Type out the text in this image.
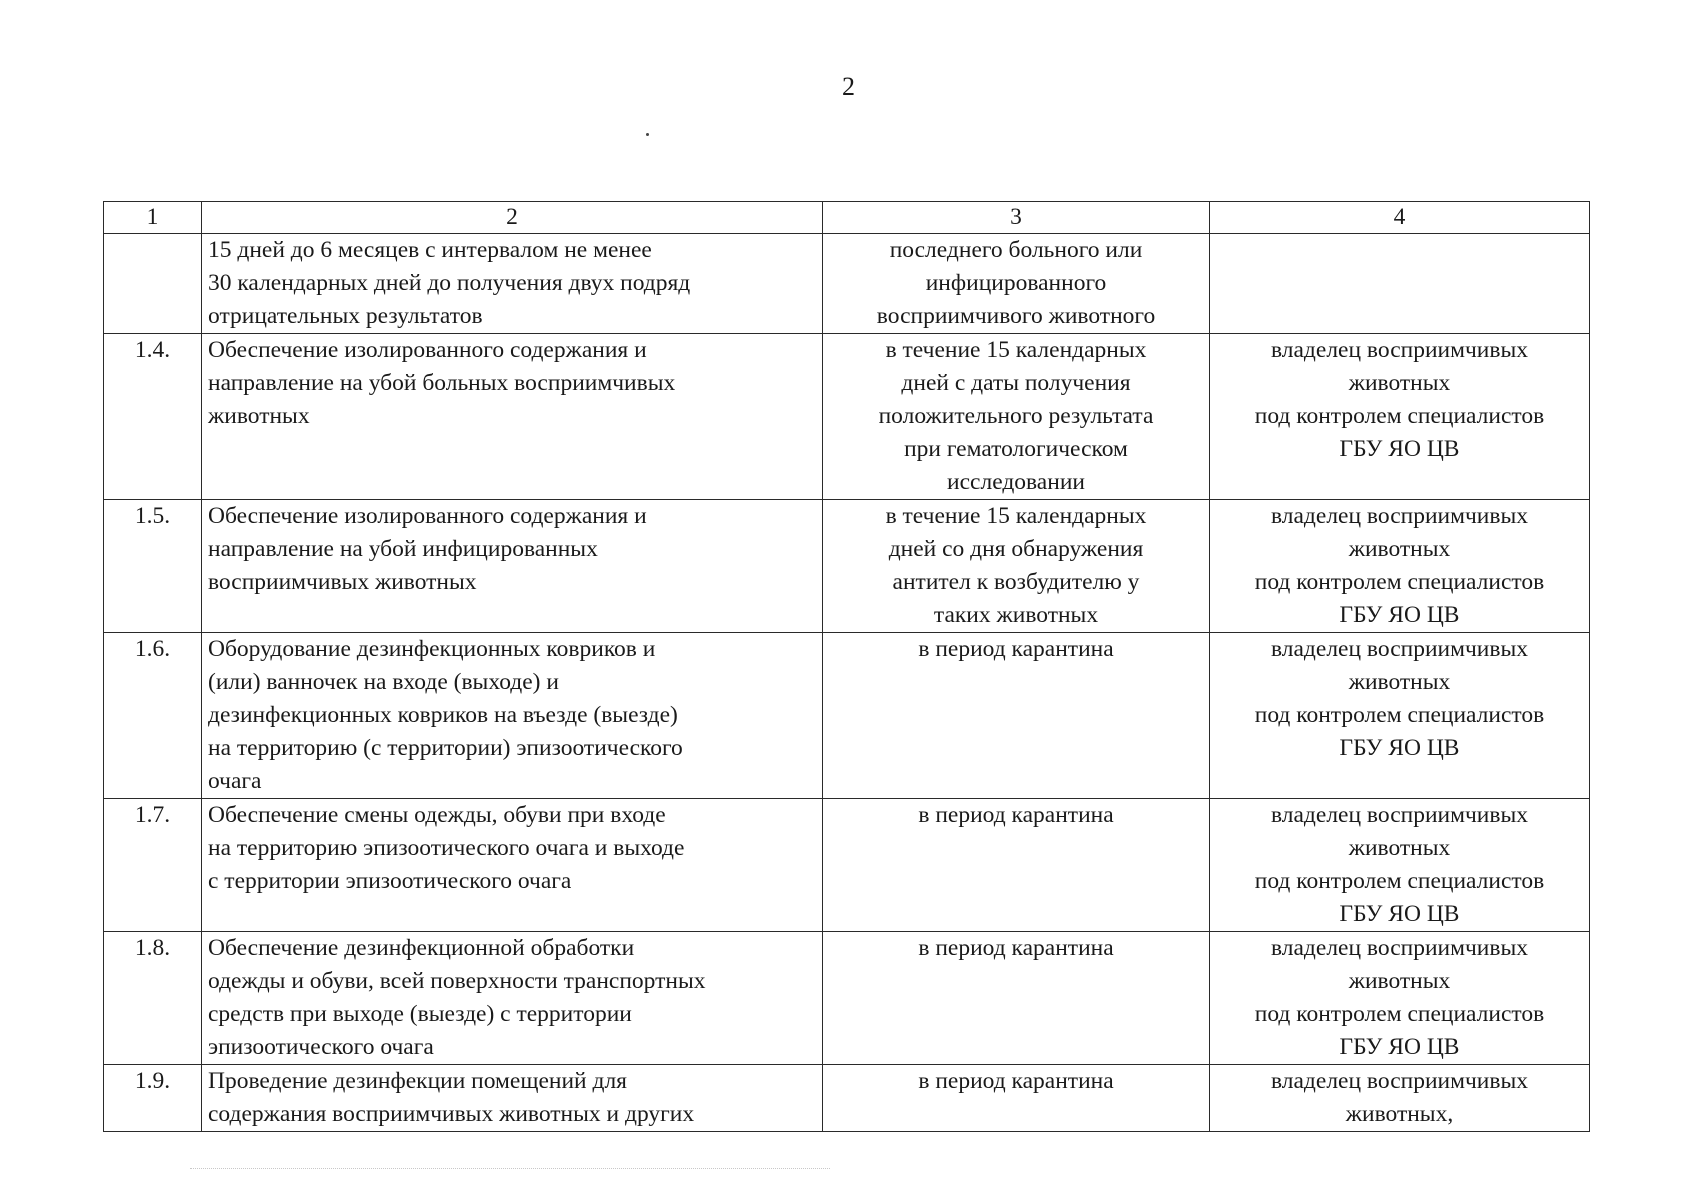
2
1	2	3	4
	15 дней до 6 месяцев с интервалом не менее
30 календарных дней до получения двух подряд
отрицательных результатов	последнего больного или
инфицированного
восприимчивого животного	
1.4.	Обеспечение изолированного содержания и
направление на убой больных восприимчивых
животных	в течение 15 календарных
дней с даты получения
положительного результата
при гематологическом
исследовании	владелец восприимчивых
животных
под контролем специалистов
ГБУ ЯО ЦВ
1.5.	Обеспечение изолированного содержания и
направление на убой инфицированных
восприимчивых животных	в течение 15 календарных
дней со дня обнаружения
антител к возбудителю у
таких животных	владелец восприимчивых
животных
под контролем специалистов
ГБУ ЯО ЦВ
1.6.	Оборудование дезинфекционных ковриков и
(или) ванночек на входе (выходе) и
дезинфекционных ковриков на въезде (выезде)
на территорию (с территории) эпизоотического
очага	в период карантина	владелец восприимчивых
животных
под контролем специалистов
ГБУ ЯО ЦВ
1.7.	Обеспечение смены одежды, обуви при входе
на территорию эпизоотического очага и выходе
с территории эпизоотического очага	в период карантина	владелец восприимчивых
животных
под контролем специалистов
ГБУ ЯО ЦВ
1.8.	Обеспечение дезинфекционной обработки
одежды и обуви, всей поверхности транспортных
средств при выходе (выезде) с территории
эпизоотического очага	в период карантина	владелец восприимчивых
животных
под контролем специалистов
ГБУ ЯО ЦВ
1.9.	Проведение дезинфекции помещений для
содержания восприимчивых животных и других	в период карантина	владелец восприимчивых
животных,
